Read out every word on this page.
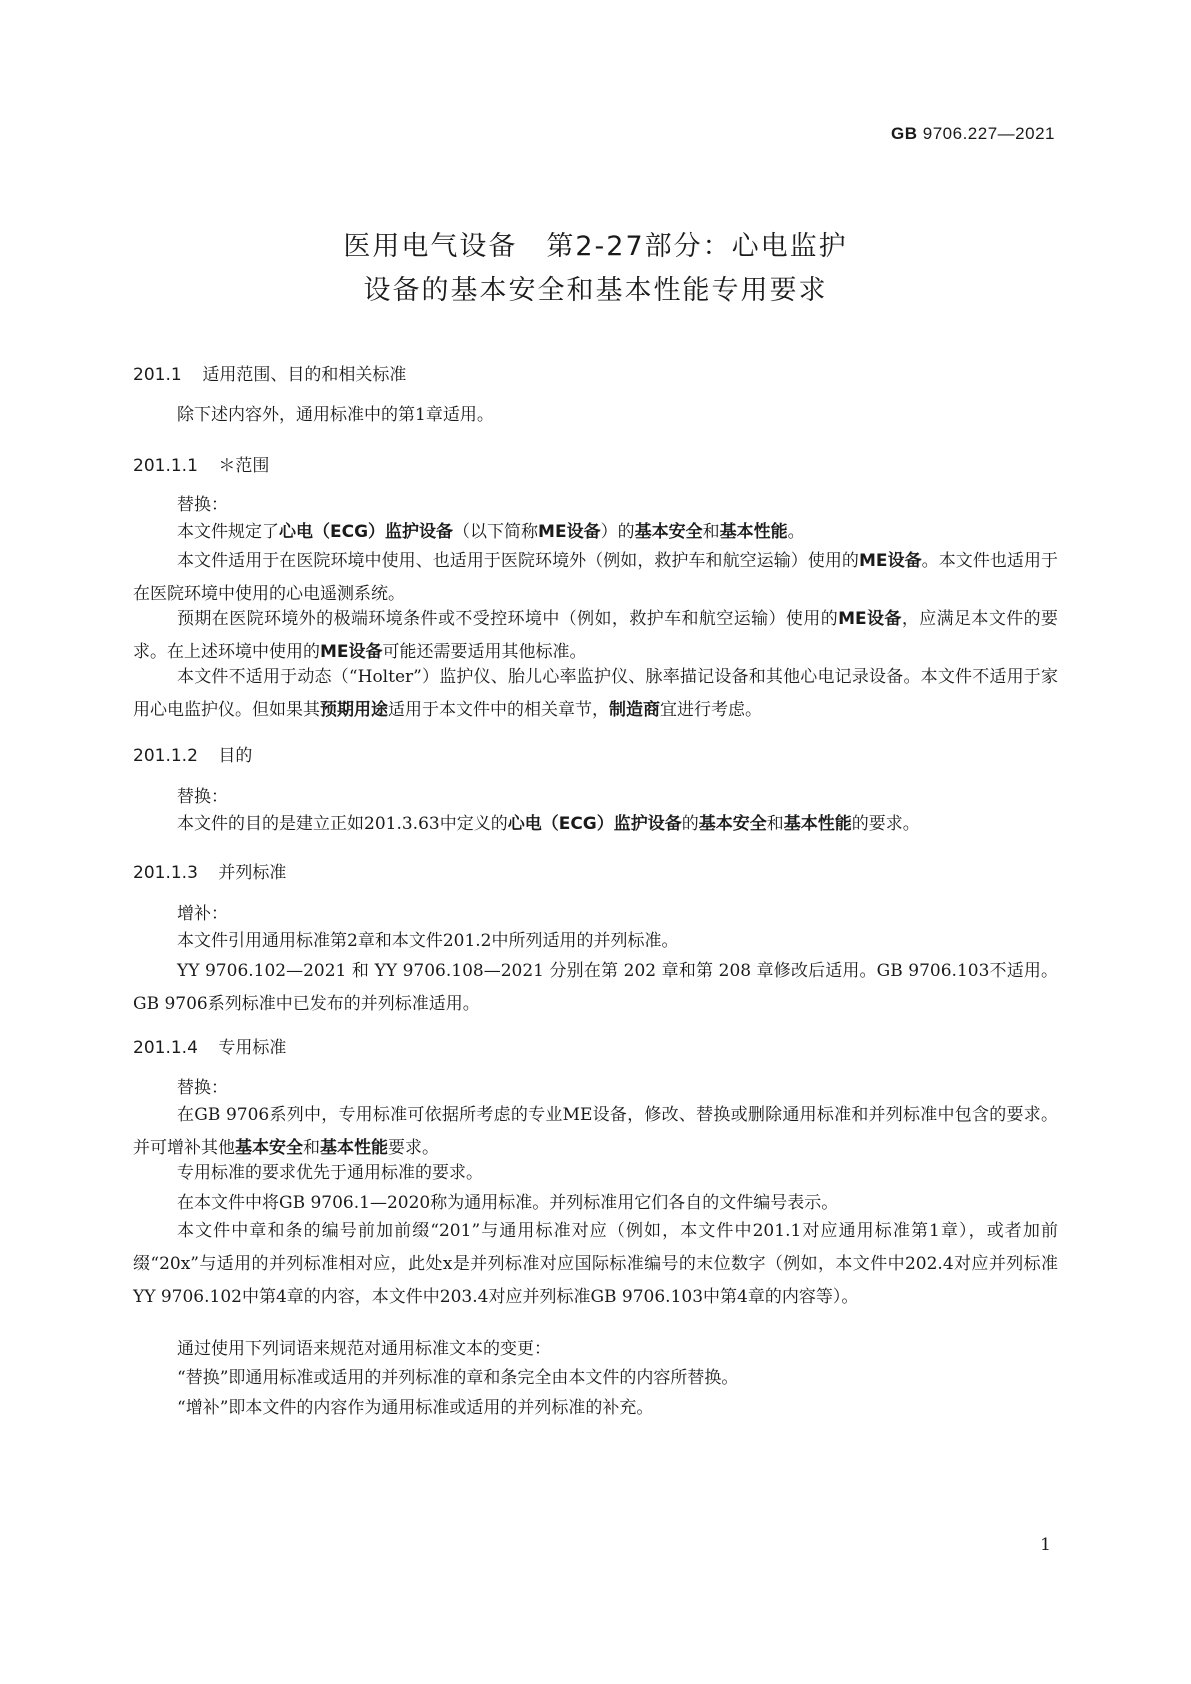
GB 9706.227—2021
医用电气设备　第2-27部分：心电监护
设备的基本安全和基本性能专用要求
201.1 适用范围、目的和相关标准
除下述内容外，通用标准中的第1章适用。
201.1.1 ＊范围
替换：
本文件规定了心电（ECG）监护设备（以下简称ME设备）的基本安全和基本性能。
本文件适用于在医院环境中使用、也适用于医院环境外（例如，救护车和航空运输）使用的ME设备。本文件也适用于在医院环境中使用的心电遥测系统。
预期在医院环境外的极端环境条件或不受控环境中（例如，救护车和航空运输）使用的ME设备，应满足本文件的要求。在上述环境中使用的ME设备可能还需要适用其他标准。
本文件不适用于动态（“Holter”）监护仪、胎儿心率监护仪、脉率描记设备和其他心电记录设备。本文件不适用于家用心电监护仪。但如果其预期用途适用于本文件中的相关章节，制造商宜进行考虑。
201.1.2 目的
替换：
本文件的目的是建立正如201.3.63中定义的心电（ECG）监护设备的基本安全和基本性能的要求。
201.1.3 并列标准
增补：
本文件引用通用标准第2章和本文件201.2中所列适用的并列标准。
YY 9706.102—2021 和 YY 9706.108—2021 分别在第 202 章和第 208 章修改后适用。GB 9706.103不适用。GB 9706系列标准中已发布的并列标准适用。
201.1.4 专用标准
替换：
在GB 9706系列中，专用标准可依据所考虑的专业ME设备，修改、替换或删除通用标准和并列标准中包含的要求。并可增补其他基本安全和基本性能要求。
专用标准的要求优先于通用标准的要求。
在本文件中将GB 9706.1—2020称为通用标准。并列标准用它们各自的文件编号表示。
本文件中章和条的编号前加前缀“201”与通用标准对应（例如，本文件中201.1对应通用标准第1章），或者加前缀“20x”与适用的并列标准相对应，此处x是并列标准对应国际标准编号的末位数字（例如，本文件中202.4对应并列标准YY 9706.102中第4章的内容，本文件中203.4对应并列标准GB 9706.103中第4章的内容等）。
通过使用下列词语来规范对通用标准文本的变更：
“替换”即通用标准或适用的并列标准的章和条完全由本文件的内容所替换。
“增补”即本文件的内容作为通用标准或适用的并列标准的补充。
1
